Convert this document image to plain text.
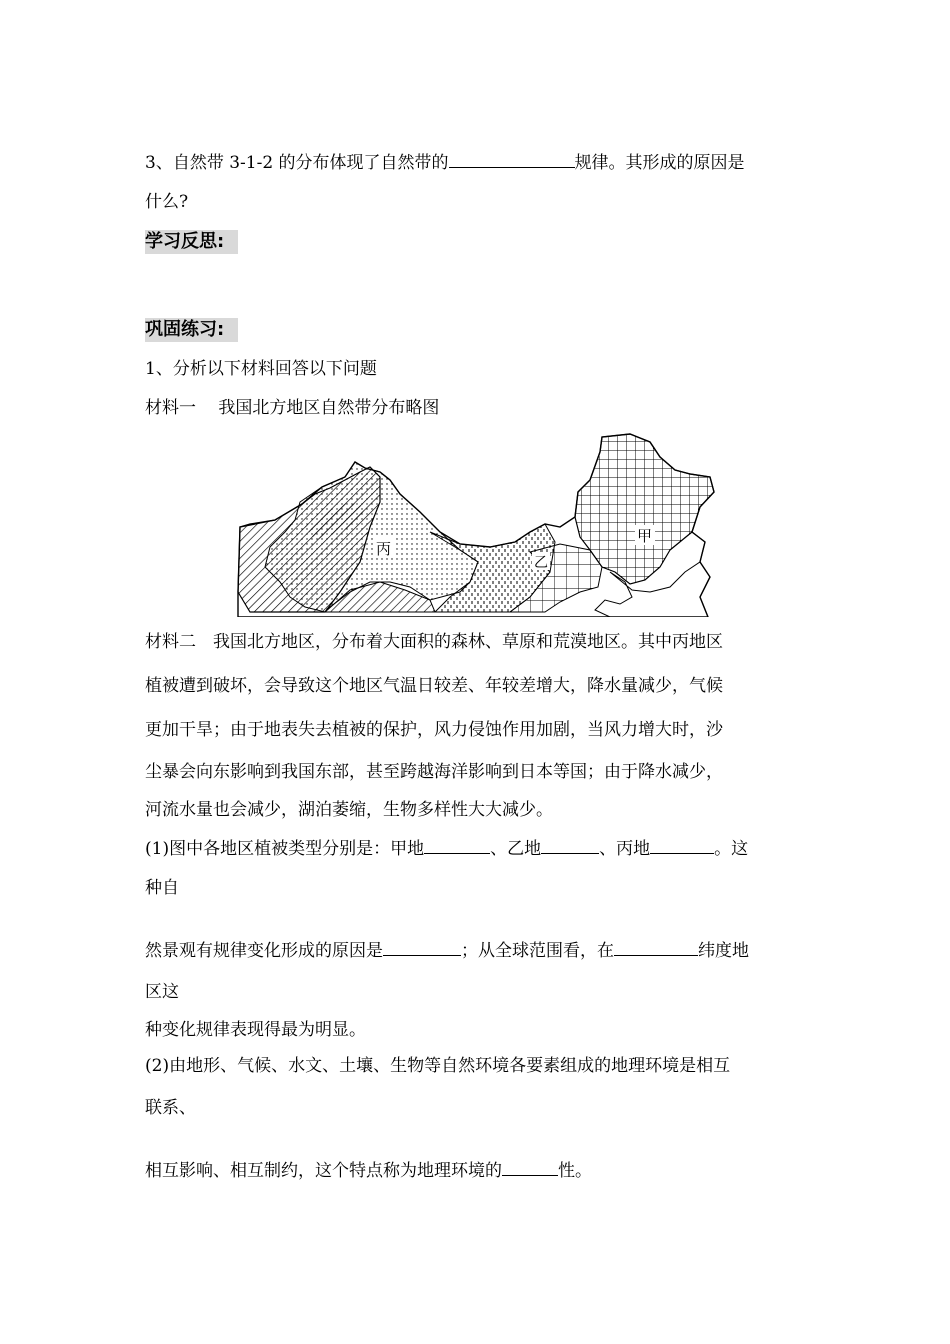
3、自然带 3-1-2 的分布体现了自然带的	规律。其形成的原因是
什么?
学习反思:
巩固练习:
1、分析以下材料回答以下问题
材料一　 我国北方地区自然带分布略图
丙
甲
乙
材料二　我国北方地区，分布着大面积的森林、草原和荒漠地区。其中丙地区
植被遭到破坏，会导致这个地区气温日较差、年较差增大，降水量减少，气候
更加干旱；由于地表失去植被的保护，风力侵蚀作用加剧，当风力增大时，沙
尘暴会向东影响到我国东部，甚至跨越海洋影响到日本等国；由于降水减少，
河流水量也会减少，湖泊萎缩，生物多样性大大减少。
(1)图中各地区植被类型分别是：甲地	、乙地	、丙地	。这
种自
然景观有规律变化形成的原因是	；从全球范围看，在	纬度地
区这
种变化规律表现得最为明显。
(2)由地形、气候、水文、土壤、生物等自然环境各要素组成的地理环境是相互
联系、
相互影响、相互制约，这个特点称为地理环境的	性。
